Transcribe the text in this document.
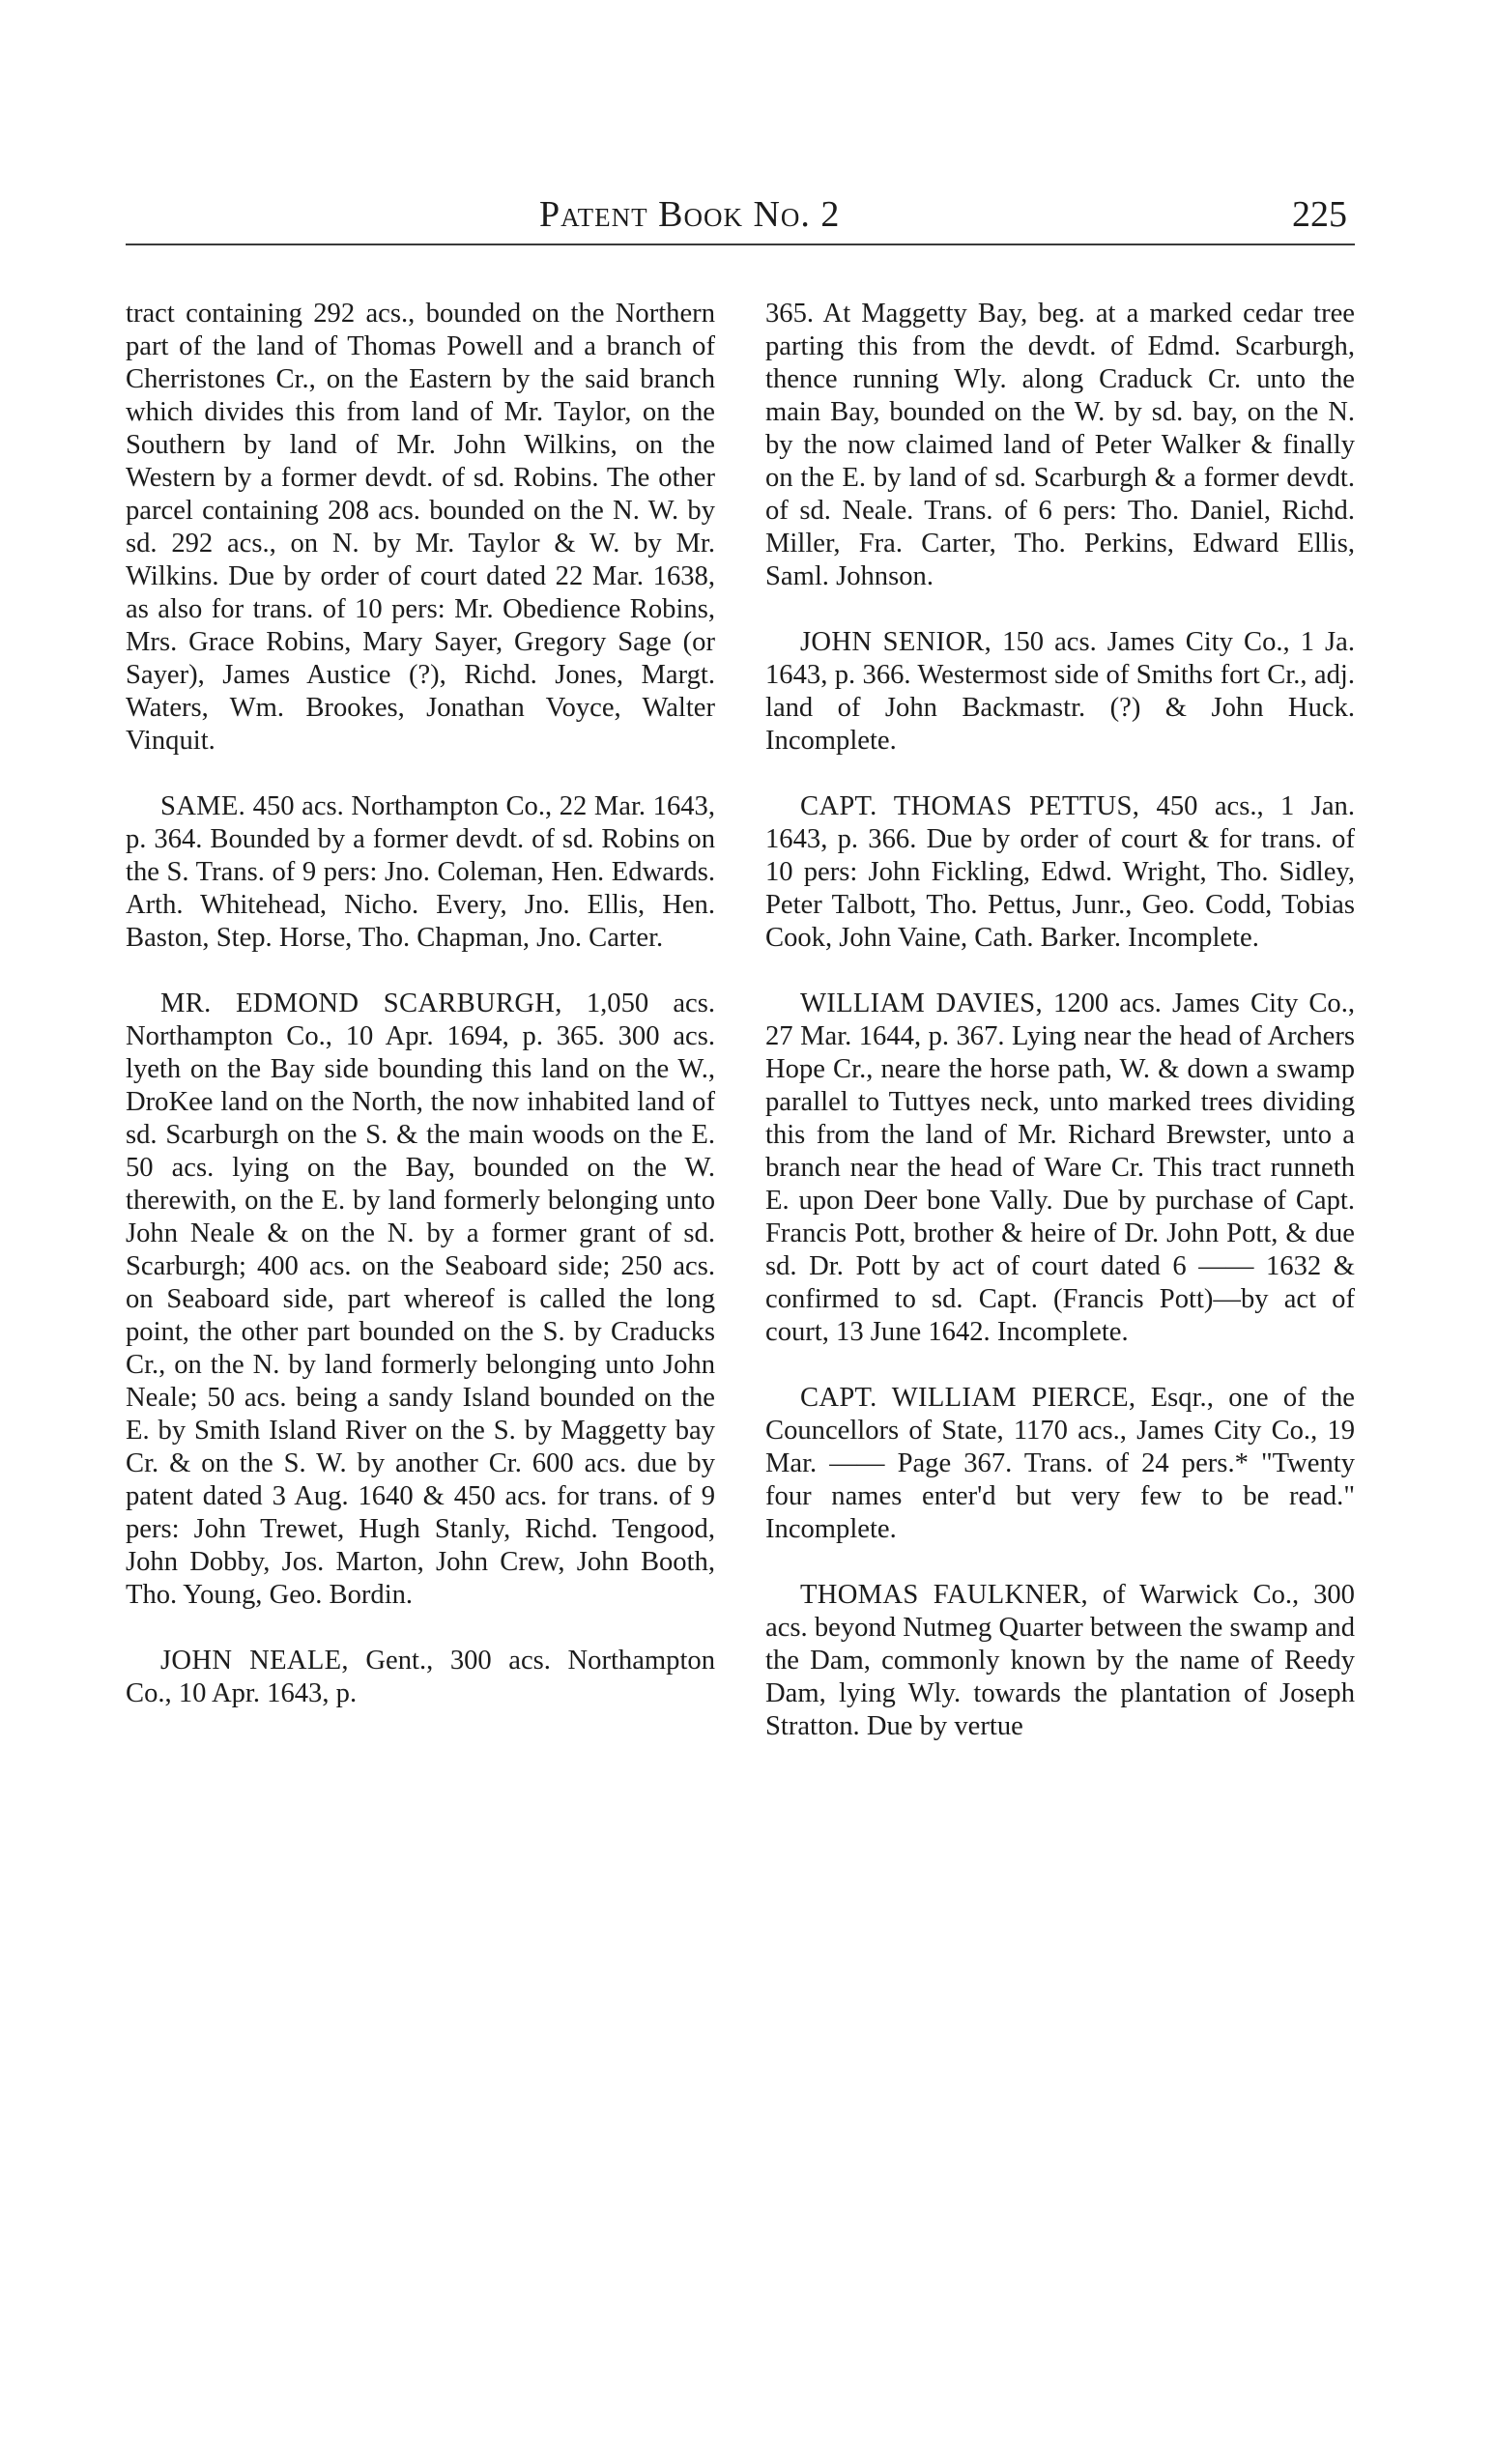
Patent Book No. 2	225

tract containing 292 acs., bounded on the Northern part of the land of Thomas Powell and a branch of Cherristones Cr., on the Eastern by the said branch which divides this from land of Mr. Taylor, on the Southern by land of Mr. John Wilkins, on the Western by a former devdt. of sd. Robins. The other parcel containing 208 acs. bounded on the N. W. by sd. 292 acs., on N. by Mr. Taylor & W. by Mr. Wilkins. Due by order of court dated 22 Mar. 1638, as also for trans. of 10 pers: Mr. Obedience Robins, Mrs. Grace Robins, Mary Sayer, Gregory Sage (or Sayer), James Austice (?), Richd. Jones, Margt. Waters, Wm. Brookes, Jonathan Voyce, Walter Vinquit.

SAME. 450 acs. Northampton Co., 22 Mar. 1643, p. 364. Bounded by a former devdt. of sd. Robins on the S. Trans. of 9 pers: Jno. Coleman, Hen. Edwards. Arth. Whitehead, Nicho. Every, Jno. Ellis, Hen. Baston, Step. Horse, Tho. Chapman, Jno. Carter.

MR. EDMOND SCARBURGH, 1,050 acs. Northampton Co., 10 Apr. 1694, p. 365. 300 acs. lyeth on the Bay side bounding this land on the W., DroKee land on the North, the now inhabited land of sd. Scarburgh on the S. & the main woods on the E. 50 acs. lying on the Bay, bounded on the W. therewith, on the E. by land formerly belonging unto John Neale & on the N. by a former grant of sd. Scarburgh; 400 acs. on the Seaboard side; 250 acs. on Seaboard side, part whereof is called the long point, the other part bounded on the S. by Craducks Cr., on the N. by land formerly belonging unto John Neale; 50 acs. being a sandy Island bounded on the E. by Smith Island River on the S. by Maggetty bay Cr. & on the S. W. by another Cr. 600 acs. due by patent dated 3 Aug. 1640 & 450 acs. for trans. of 9 pers: John Trewet, Hugh Stanly, Richd. Tengood, John Dobby, Jos. Marton, John Crew, John Booth, Tho. Young, Geo. Bordin.

JOHN NEALE, Gent., 300 acs. Northampton Co., 10 Apr. 1643, p.

365. At Maggetty Bay, beg. at a marked cedar tree parting this from the devdt. of Edmd. Scarburgh, thence running Wly. along Craduck Cr. unto the main Bay, bounded on the W. by sd. bay, on the N. by the now claimed land of Peter Walker & finally on the E. by land of sd. Scarburgh & a former devdt. of sd. Neale. Trans. of 6 pers: Tho. Daniel, Richd. Miller, Fra. Carter, Tho. Perkins, Edward Ellis, Saml. Johnson.

JOHN SENIOR, 150 acs. James City Co., 1 Ja. 1643, p. 366. Westermost side of Smiths fort Cr., adj. land of John Backmastr. (?) & John Huck. Incomplete.

CAPT. THOMAS PETTUS, 450 acs., 1 Jan. 1643, p. 366. Due by order of court & for trans. of 10 pers: John Fickling, Edwd. Wright, Tho. Sidley, Peter Talbott, Tho. Pettus, Junr., Geo. Codd, Tobias Cook, John Vaine, Cath. Barker. Incomplete.

WILLIAM DAVIES, 1200 acs. James City Co., 27 Mar. 1644, p. 367. Lying near the head of Archers Hope Cr., neare the horse path, W. & down a swamp parallel to Tuttyes neck, unto marked trees dividing this from the land of Mr. Richard Brewster, unto a branch near the head of Ware Cr. This tract runneth E. upon Deer bone Vally. Due by purchase of Capt. Francis Pott, brother & heire of Dr. John Pott, & due sd. Dr. Pott by act of court dated 6 —— 1632 & confirmed to sd. Capt. (Francis Pott)—by act of court, 13 June 1642. Incomplete.

CAPT. WILLIAM PIERCE, Esqr., one of the Councellors of State, 1170 acs., James City Co., 19 Mar. —— Page 367. Trans. of 24 pers.* "Twenty four names enter'd but very few to be read." Incomplete.

THOMAS FAULKNER, of Warwick Co., 300 acs. beyond Nutmeg Quarter between the swamp and the Dam, commonly known by the name of Reedy Dam, lying Wly. towards the plantation of Joseph Stratton. Due by vertue
